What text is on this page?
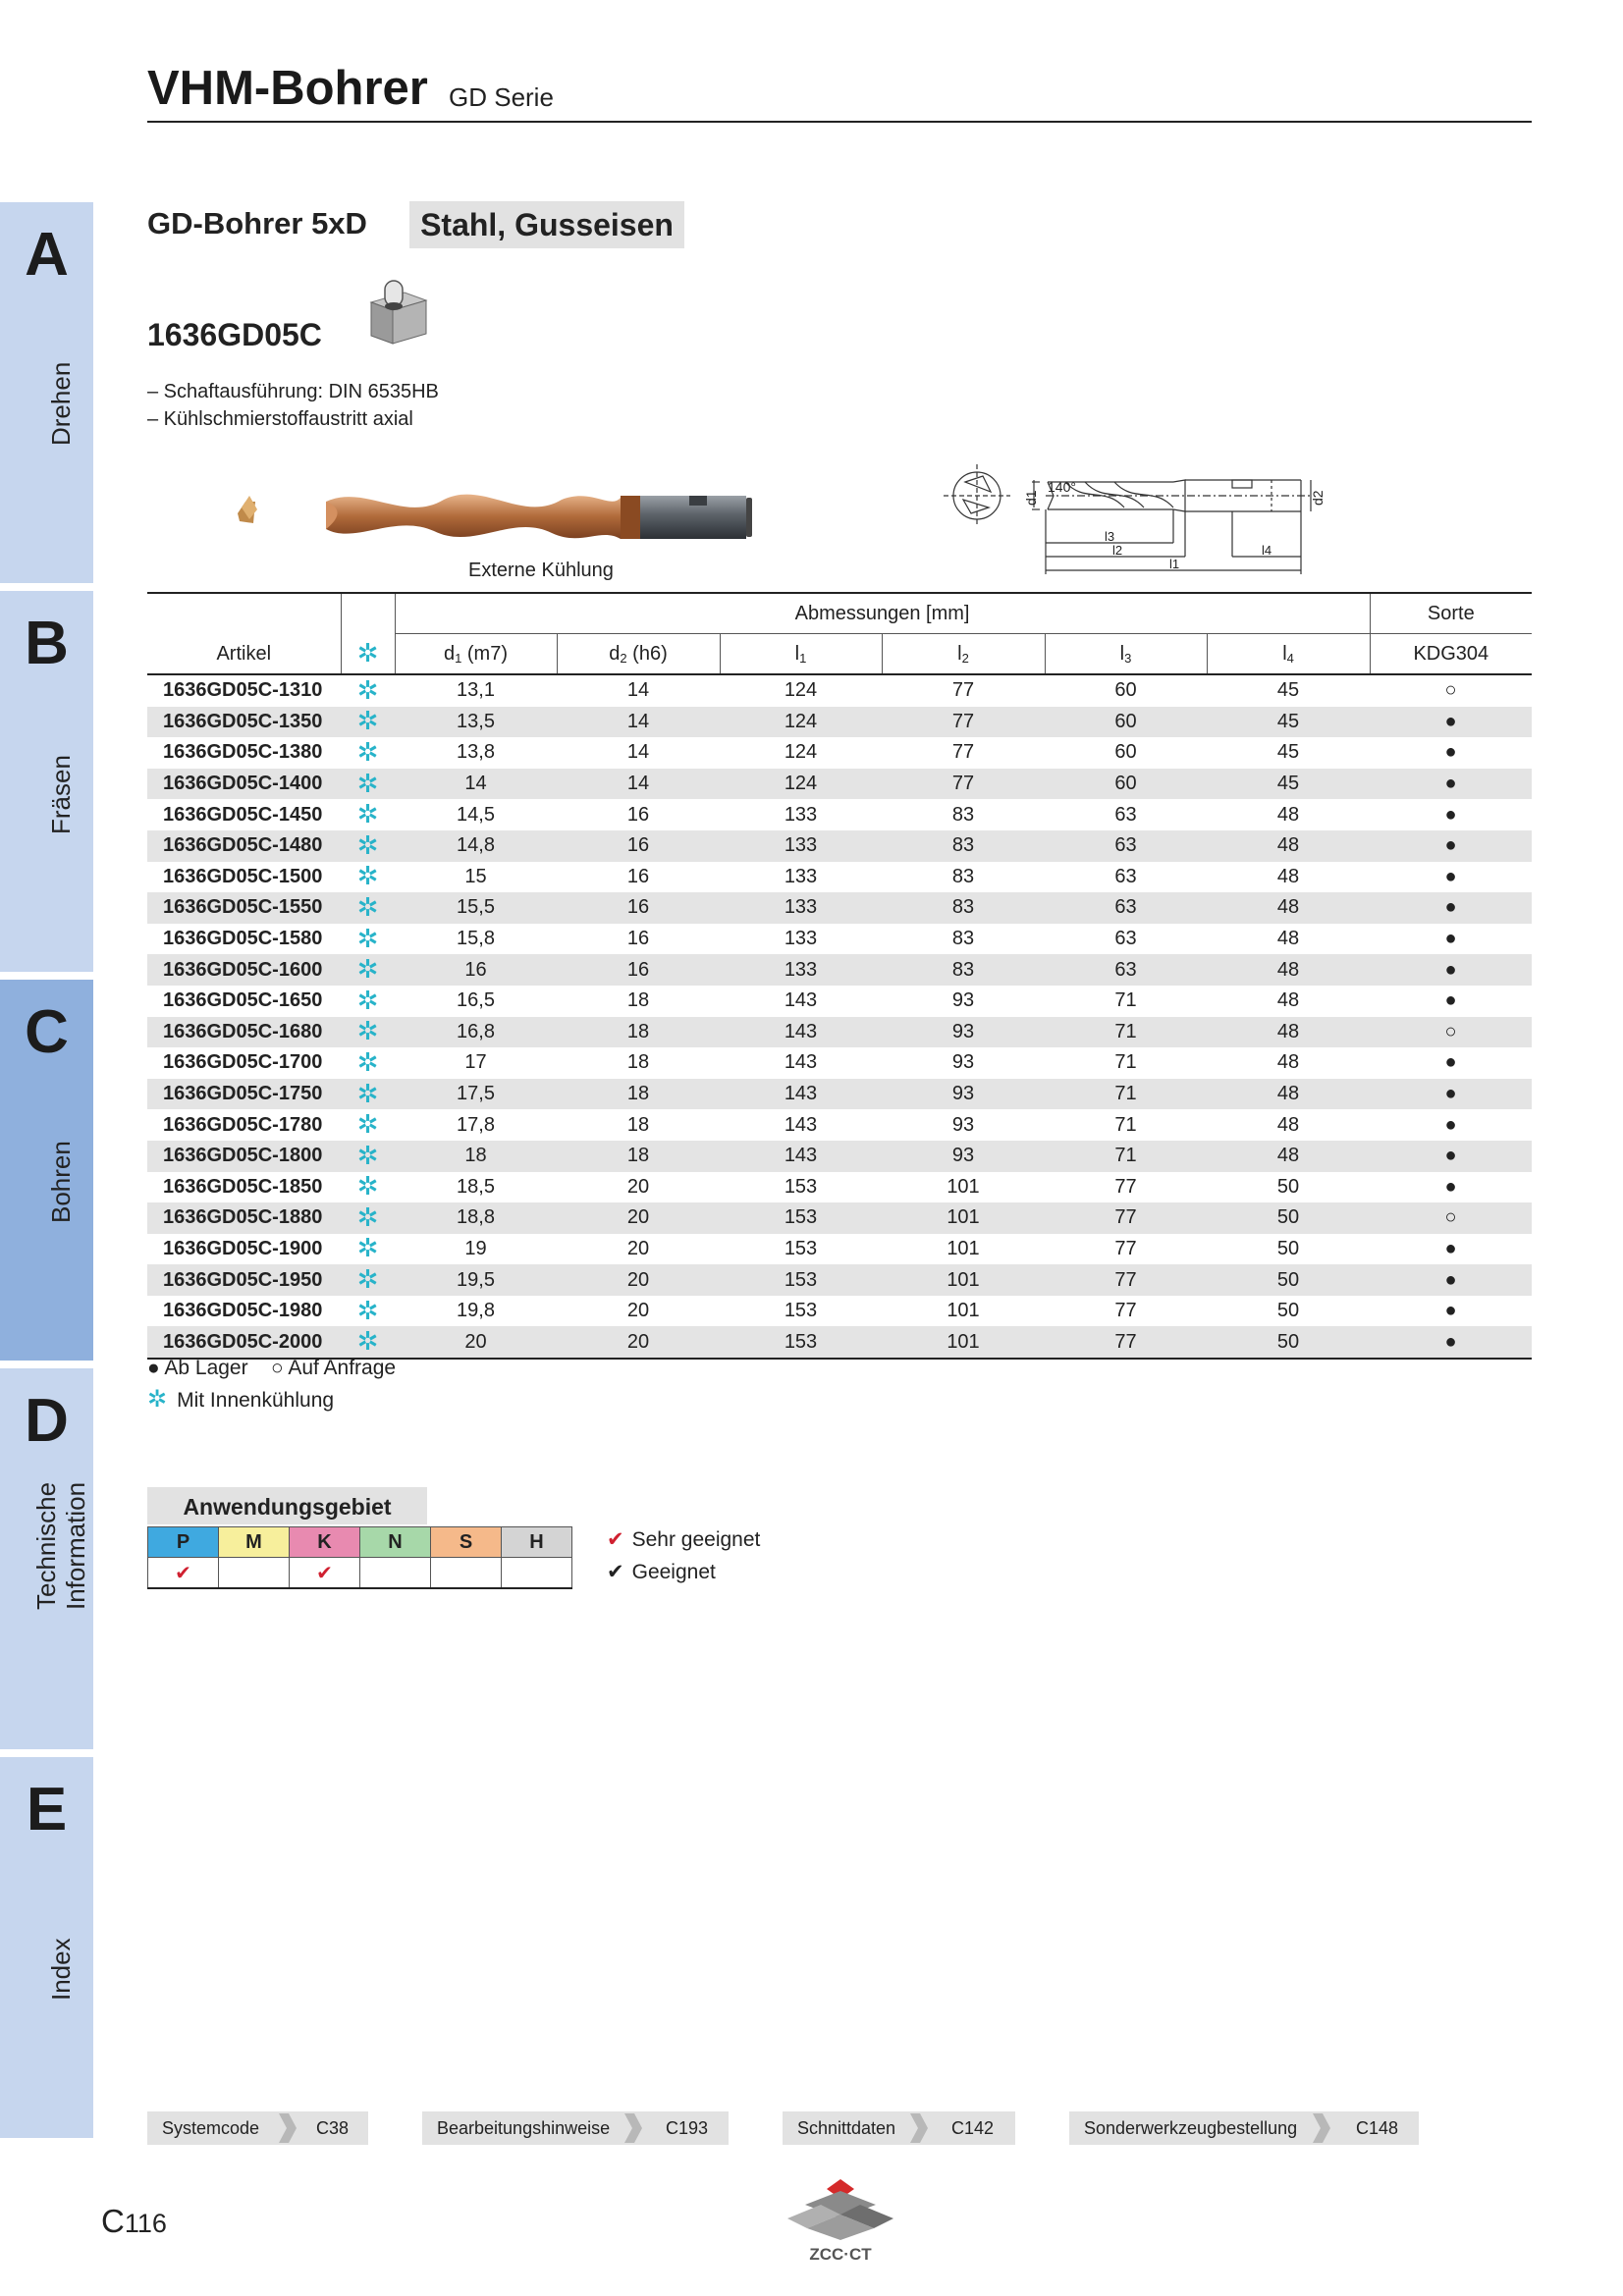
VHM-Bohrer GD Serie
A
Drehen
B
Fräsen
C
Bohren
D
Technische Information
E
Index
GD-Bohrer 5xD	Stahl, Gusseisen
1636GD05C
– Schaftausführung: DIN 6535HB
– Kühlschmierstoffaustritt axial
Externe Kühlung
140°
d1	d2
l3
l2
l1
l4
Artikel	✲	Abmessungen [mm]						Sorte
		$d_1$ (m7)	$d_2$ (h6)	$l_1$	$l_2$	$l_3$	$l_4$	KDG304
1636GD05C-1310	✲	13,1	14	124	77	60	45	○
1636GD05C-1350	✲	13,5	14	124	77	60	45	●
1636GD05C-1380	✲	13,8	14	124	77	60	45	●
1636GD05C-1400	✲	14	14	124	77	60	45	●
1636GD05C-1450	✲	14,5	16	133	83	63	48	●
1636GD05C-1480	✲	14,8	16	133	83	63	48	●
1636GD05C-1500	✲	15	16	133	83	63	48	●
1636GD05C-1550	✲	15,5	16	133	83	63	48	●
1636GD05C-1580	✲	15,8	16	133	83	63	48	●
1636GD05C-1600	✲	16	16	133	83	63	48	●
1636GD05C-1650	✲	16,5	18	143	93	71	48	●
1636GD05C-1680	✲	16,8	18	143	93	71	48	○
1636GD05C-1700	✲	17	18	143	93	71	48	●
1636GD05C-1750	✲	17,5	18	143	93	71	48	●
1636GD05C-1780	✲	17,8	18	143	93	71	48	●
1636GD05C-1800	✲	18	18	143	93	71	48	●
1636GD05C-1850	✲	18,5	20	153	101	77	50	●
1636GD05C-1880	✲	18,8	20	153	101	77	50	○
1636GD05C-1900	✲	19	20	153	101	77	50	●
1636GD05C-1950	✲	19,5	20	153	101	77	50	●
1636GD05C-1980	✲	19,8	20	153	101	77	50	●
1636GD05C-2000	✲	20	20	153	101	77	50	●
● Ab Lager ○ Auf Anfrage
✲ Mit Innenkühlung
Anwendungsgebiet
P	M	K	N	S	H
✔		✔			
✔ Sehr geeignet
✔ Geeignet
Systemcode	C38	Bearbeitungshinweise	C193	Schnittdaten	C142	Sonderwerkzeugbestellung	C148
C116
ZCC·CT
